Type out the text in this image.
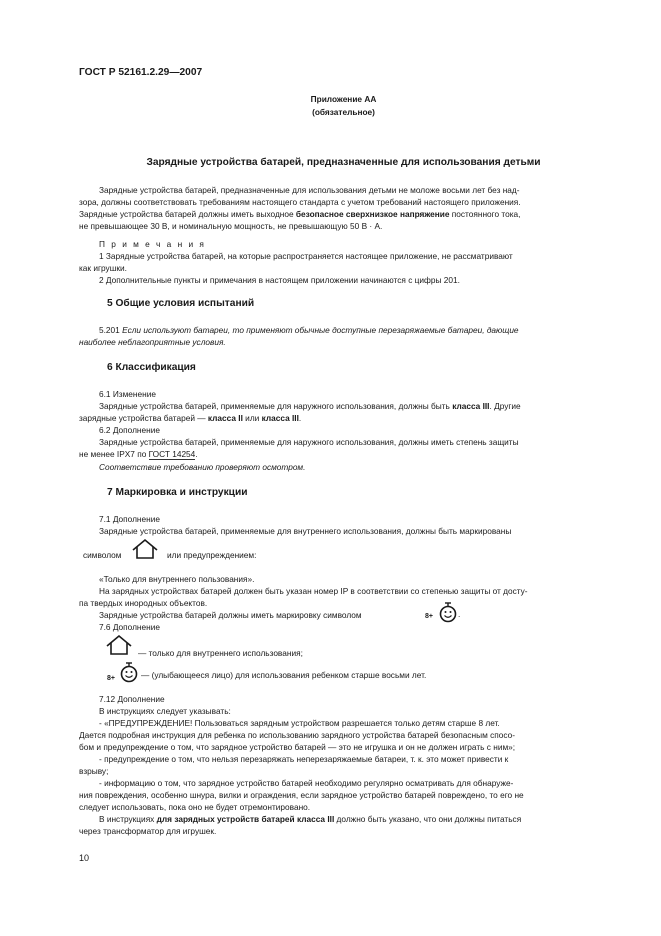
ГОСТ Р 52161.2.29—2007
Приложение АА
(обязательное)
Зарядные устройства батарей, предназначенные для использования детьми

Зарядные устройства батарей, предназначенные для использования детьми не моложе восьми лет без над-

зора, должны соответствовать требованиям настоящего стандарта с учетом требований настоящего приложения.

Зарядные устройства батарей должны иметь выходное безопасное сверхнизкое напряжение постоянного тока,

не превышающее 30 В, и номинальную мощность, не превышающую 50 В · А.

П р и м е ч а н и я

1 Зарядные устройства батарей, на которые распространяется настоящее приложение, не рассматривают

как игрушки.

2 Дополнительные пункты и примечания в настоящем приложении начинаются с цифры 201.

5 Общие условия испытаний

5.201 Если используют батареи, то применяют обычные доступные перезаряжаемые батареи, дающие

наиболее неблагоприятные условия.

6 Классификация

6.1 Изменение

Зарядные устройства батарей, применяемые для наружного использования, должны быть класса III. Другие

зарядные устройства батарей — класса II или класса III.

6.2 Дополнение

Зарядные устройства батарей, применяемые для наружного использования, должны иметь степень защиты

не менее IPX7 по ГОСТ 14254.

Соответствие требованию проверяют осмотром.

7 Маркировка и инструкции

7.1 Дополнение

Зарядные устройства батарей, применяемые для внутреннего использования, должны быть маркированы

символом	или предупреждением:

«Только для внутреннего пользования».

На зарядных устройствах батарей должен быть указан номер IP в соответствии со степенью защиты от досту-

па твердых инородных объектов.

Зарядные устройства батарей должны иметь маркировку символом	8+	.

7.6 Дополнение

— только для внутреннего использования;
8+	— (улыбающееся лицо) для использования ребенком старше восьми лет.

7.12 Дополнение

В инструкциях следует указывать:

- «ПРЕДУПРЕЖДЕНИЕ! Пользоваться зарядным устройством разрешается только детям старше 8 лет.

Дается подробная инструкция для ребенка по использованию зарядного устройства батарей безопасным спосо-

бом и предупреждение о том, что зарядное устройство батарей — это не игрушка и он не должен играть с ним»;

- предупреждение о том, что нельзя перезаряжать неперезаряжаемые батареи, т. к. это может привести к

взрыву;

- информацию о том, что зарядное устройство батарей необходимо регулярно осматривать для обнаруже-

ния повреждения, особенно шнура, вилки и ограждения, если зарядное устройство батарей повреждено, то его не

следует использовать, пока оно не будет отремонтировано.

В инструкциях для зарядных устройств батарей класса III должно быть указано, что они должны питаться

через трансформатор для игрушек.

10
